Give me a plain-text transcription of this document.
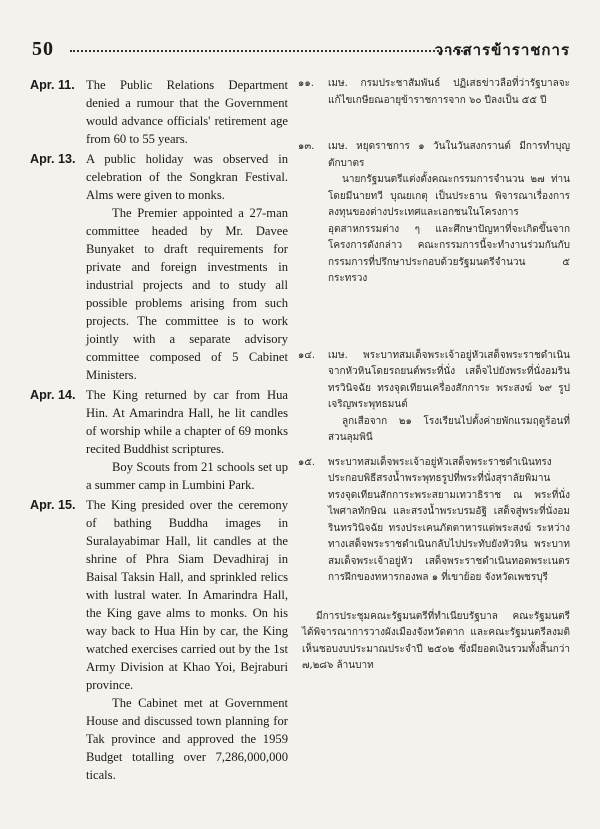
50	วารสารข้าราชการ
Apr. 11. The Public Relations Department denied a rumour that the Government would advance officials' retirement age from 60 to 55 years.

Apr. 13. A public holiday was observed in celebration of the Songkran Festival. Alms were given to monks.

The Premier appointed a 27-man committee headed by Mr. Davee Bunyaket to draft requirements for private and foreign investments in industrial projects and to study all possible problems arising from such projects. The committee is to work jointly with a separate advisory committee composed of 5 Cabinet Ministers.

Apr. 14. The King returned by car from Hua Hin. At Amarindra Hall, he lit candles of worship while a chapter of 69 monks recited Buddhist scriptures.

Boy Scouts from 21 schools set up a summer camp in Lumbini Park.

Apr. 15. The King presided over the ceremony of bathing Buddha images in Suralayabimar Hall, lit candles at the shrine of Phra Siam Devadhiraj in Baisal Taksin Hall, and sprinkled relics with lustral water. In Amarindra Hall, the King gave alms to monks. On his way back to Hua Hin by car, the King watched exercises carried out by the 1st Army Division at Khao Yoi, Bejraburi province.

The Cabinet met at Government House and discussed town planning for Tak province and approved the 1959 Budget totalling over 7,286,000,000 ticals.

๑๑.	เมษ. กรมประชาสัมพันธ์ ปฏิเสธข่าวลือที่ว่ารัฐบาลจะแก้ไขเกษียณอายุข้าราชการจาก ๖๐ ปีลงเป็น ๕๕ ปี

๑๓.	เมษ. หยุดราชการ ๑ วันในวันสงกรานต์ มีการทำบุญตักบาตร

นายกรัฐมนตรีแต่งตั้งคณะกรรมการจำนวน ๒๗ ท่าน โดยมีนายทวี บุณยเกตุ เป็นประธาน พิจารณาเรื่องการลงทุนของต่างประเทศและเอกชนในโครงการอุตสาหกรรมต่าง ๆ และศึกษาปัญหาที่จะเกิดขึ้นจากโครงการดังกล่าว คณะกรรมการนี้จะทำงานร่วมกันกับกรรมการที่ปรึกษาประกอบด้วยรัฐมนตรีจำนวน ๕ กระทรวง

๑๔.	เมษ. พระบาทสมเด็จพระเจ้าอยู่หัวเสด็จพระราชดำเนินจากหัวหินโดยรถยนต์พระที่นั่ง เสด็จไปยังพระที่นั่งอมรินทรวินิจฉัย ทรงจุดเทียนเครื่องสักการะ พระสงฆ์ ๖๙ รูปเจริญพระพุทธมนต์

ลูกเสือจาก ๒๑ โรงเรียนไปตั้งค่ายพักแรมฤดูร้อนที่สวนลุมพินี

๑๕.	พระบาทสมเด็จพระเจ้าอยู่หัวเสด็จพระราชดำเนินทรงประกอบพิธีสรงน้ำพระพุทธรูปที่พระที่นั่งสุราลัยพิมาน ทรงจุดเทียนสักการะพระสยามเทวาธิราช ณ พระที่นั่งไพศาลทักษิณ และสรงน้ำพระบรมอัฐิ เสด็จสู่พระที่นั่งอมรินทรวินิจฉัย ทรงประเคนภัตตาหารแด่พระสงฆ์ ระหว่างทางเสด็จพระราชดำเนินกลับไปประทับยังหัวหิน พระบาทสมเด็จพระเจ้าอยู่หัว เสด็จพระราชดำเนินทอดพระเนตรการฝึกของทหารกองพล ๑ ที่เขาย้อย จังหวัดเพชรบุรี

มีการประชุมคณะรัฐมนตรีที่ทำเนียบรัฐบาล คณะรัฐมนตรีได้พิจารณาการวางผังเมืองจังหวัดตาก และคณะรัฐมนตรีลงมติเห็นชอบงบประมาณประจำปี ๒๕๐๒ ซึ่งมียอดเงินรวมทั้งสิ้นกว่า ๗,๒๘๖ ล้านบาท
